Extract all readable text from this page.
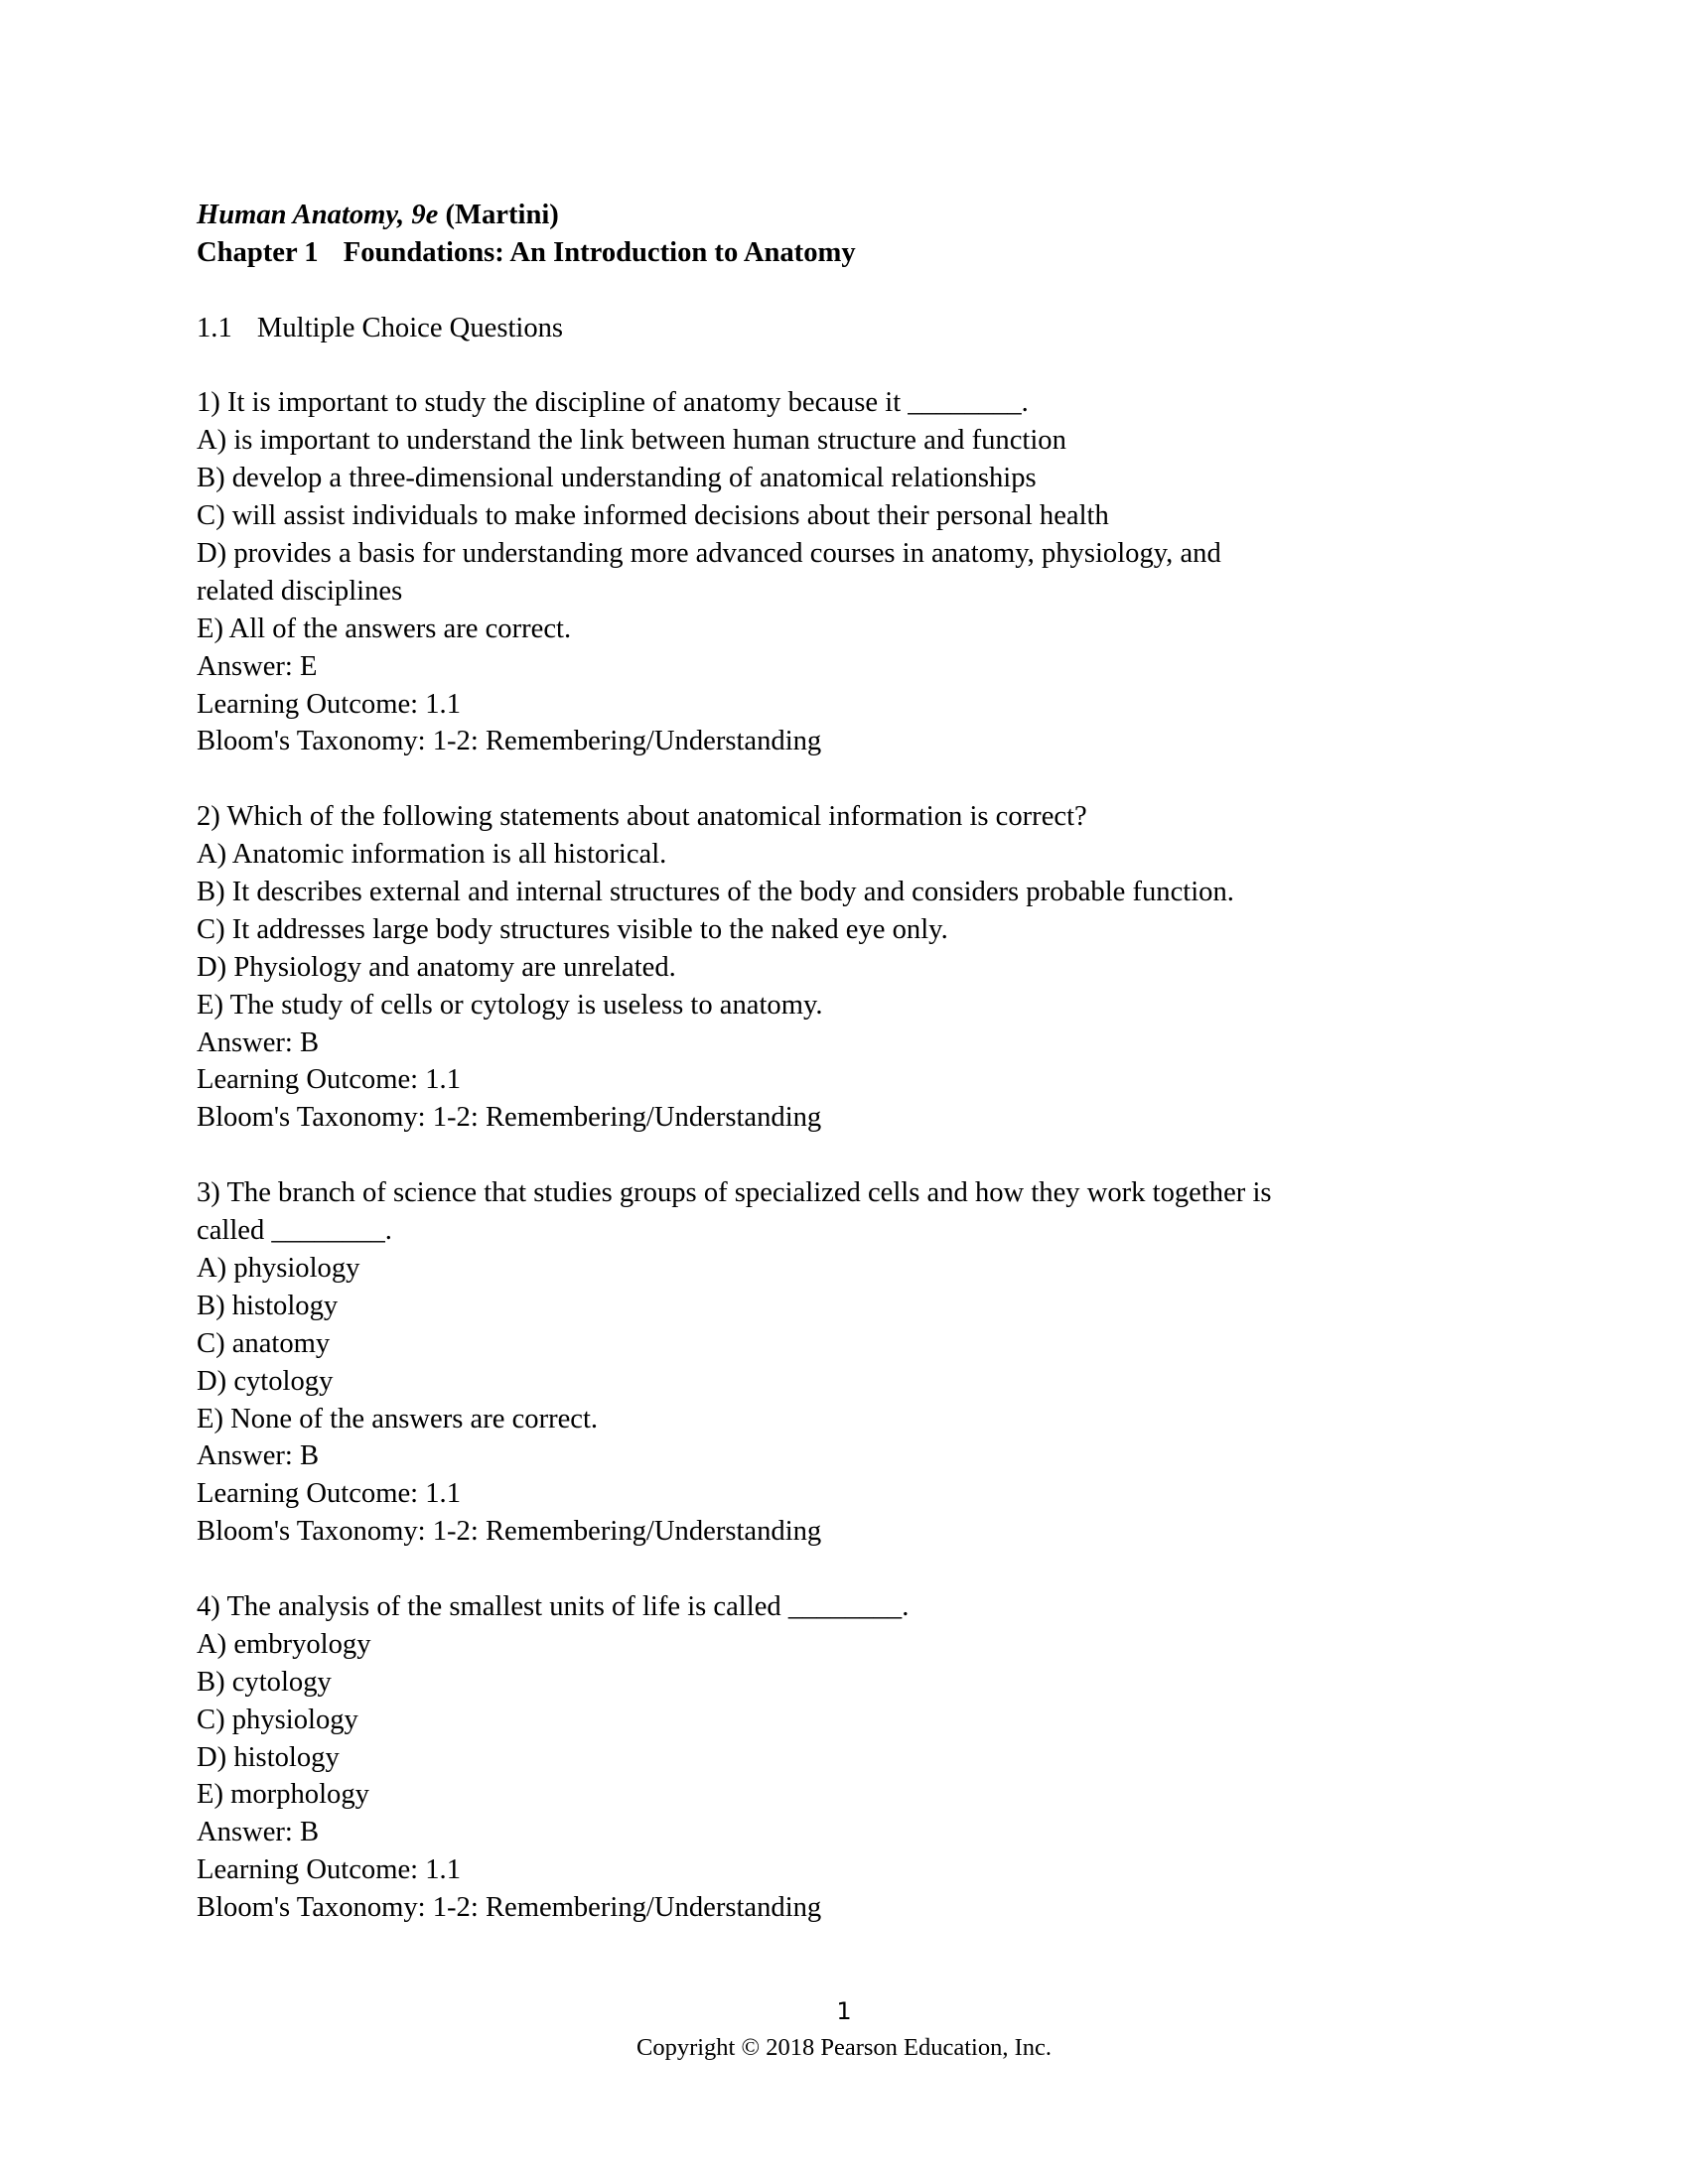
Human Anatomy, 9e (Martini)
Chapter 1 Foundations: An Introduction to Anatomy
1.1 Multiple Choice Questions
1) It is important to study the discipline of anatomy because it ________.
A) is important to understand the link between human structure and function
B) develop a three-dimensional understanding of anatomical relationships
C) will assist individuals to make informed decisions about their personal health
D) provides a basis for understanding more advanced courses in anatomy, physiology, and
related disciplines
E) All of the answers are correct.
Answer: E
Learning Outcome: 1.1
Bloom's Taxonomy: 1-2: Remembering/Understanding
2) Which of the following statements about anatomical information is correct?
A) Anatomic information is all historical.
B) It describes external and internal structures of the body and considers probable function.
C) It addresses large body structures visible to the naked eye only.
D) Physiology and anatomy are unrelated.
E) The study of cells or cytology is useless to anatomy.
Answer: B
Learning Outcome: 1.1
Bloom's Taxonomy: 1-2: Remembering/Understanding
3) The branch of science that studies groups of specialized cells and how they work together is
called ________.
A) physiology
B) histology
C) anatomy
D) cytology
E) None of the answers are correct.
Answer: B
Learning Outcome: 1.1
Bloom's Taxonomy: 1-2: Remembering/Understanding
4) The analysis of the smallest units of life is called ________.
A) embryology
B) cytology
C) physiology
D) histology
E) morphology
Answer: B
Learning Outcome: 1.1
Bloom's Taxonomy: 1-2: Remembering/Understanding
1
Copyright © 2018 Pearson Education, Inc.
